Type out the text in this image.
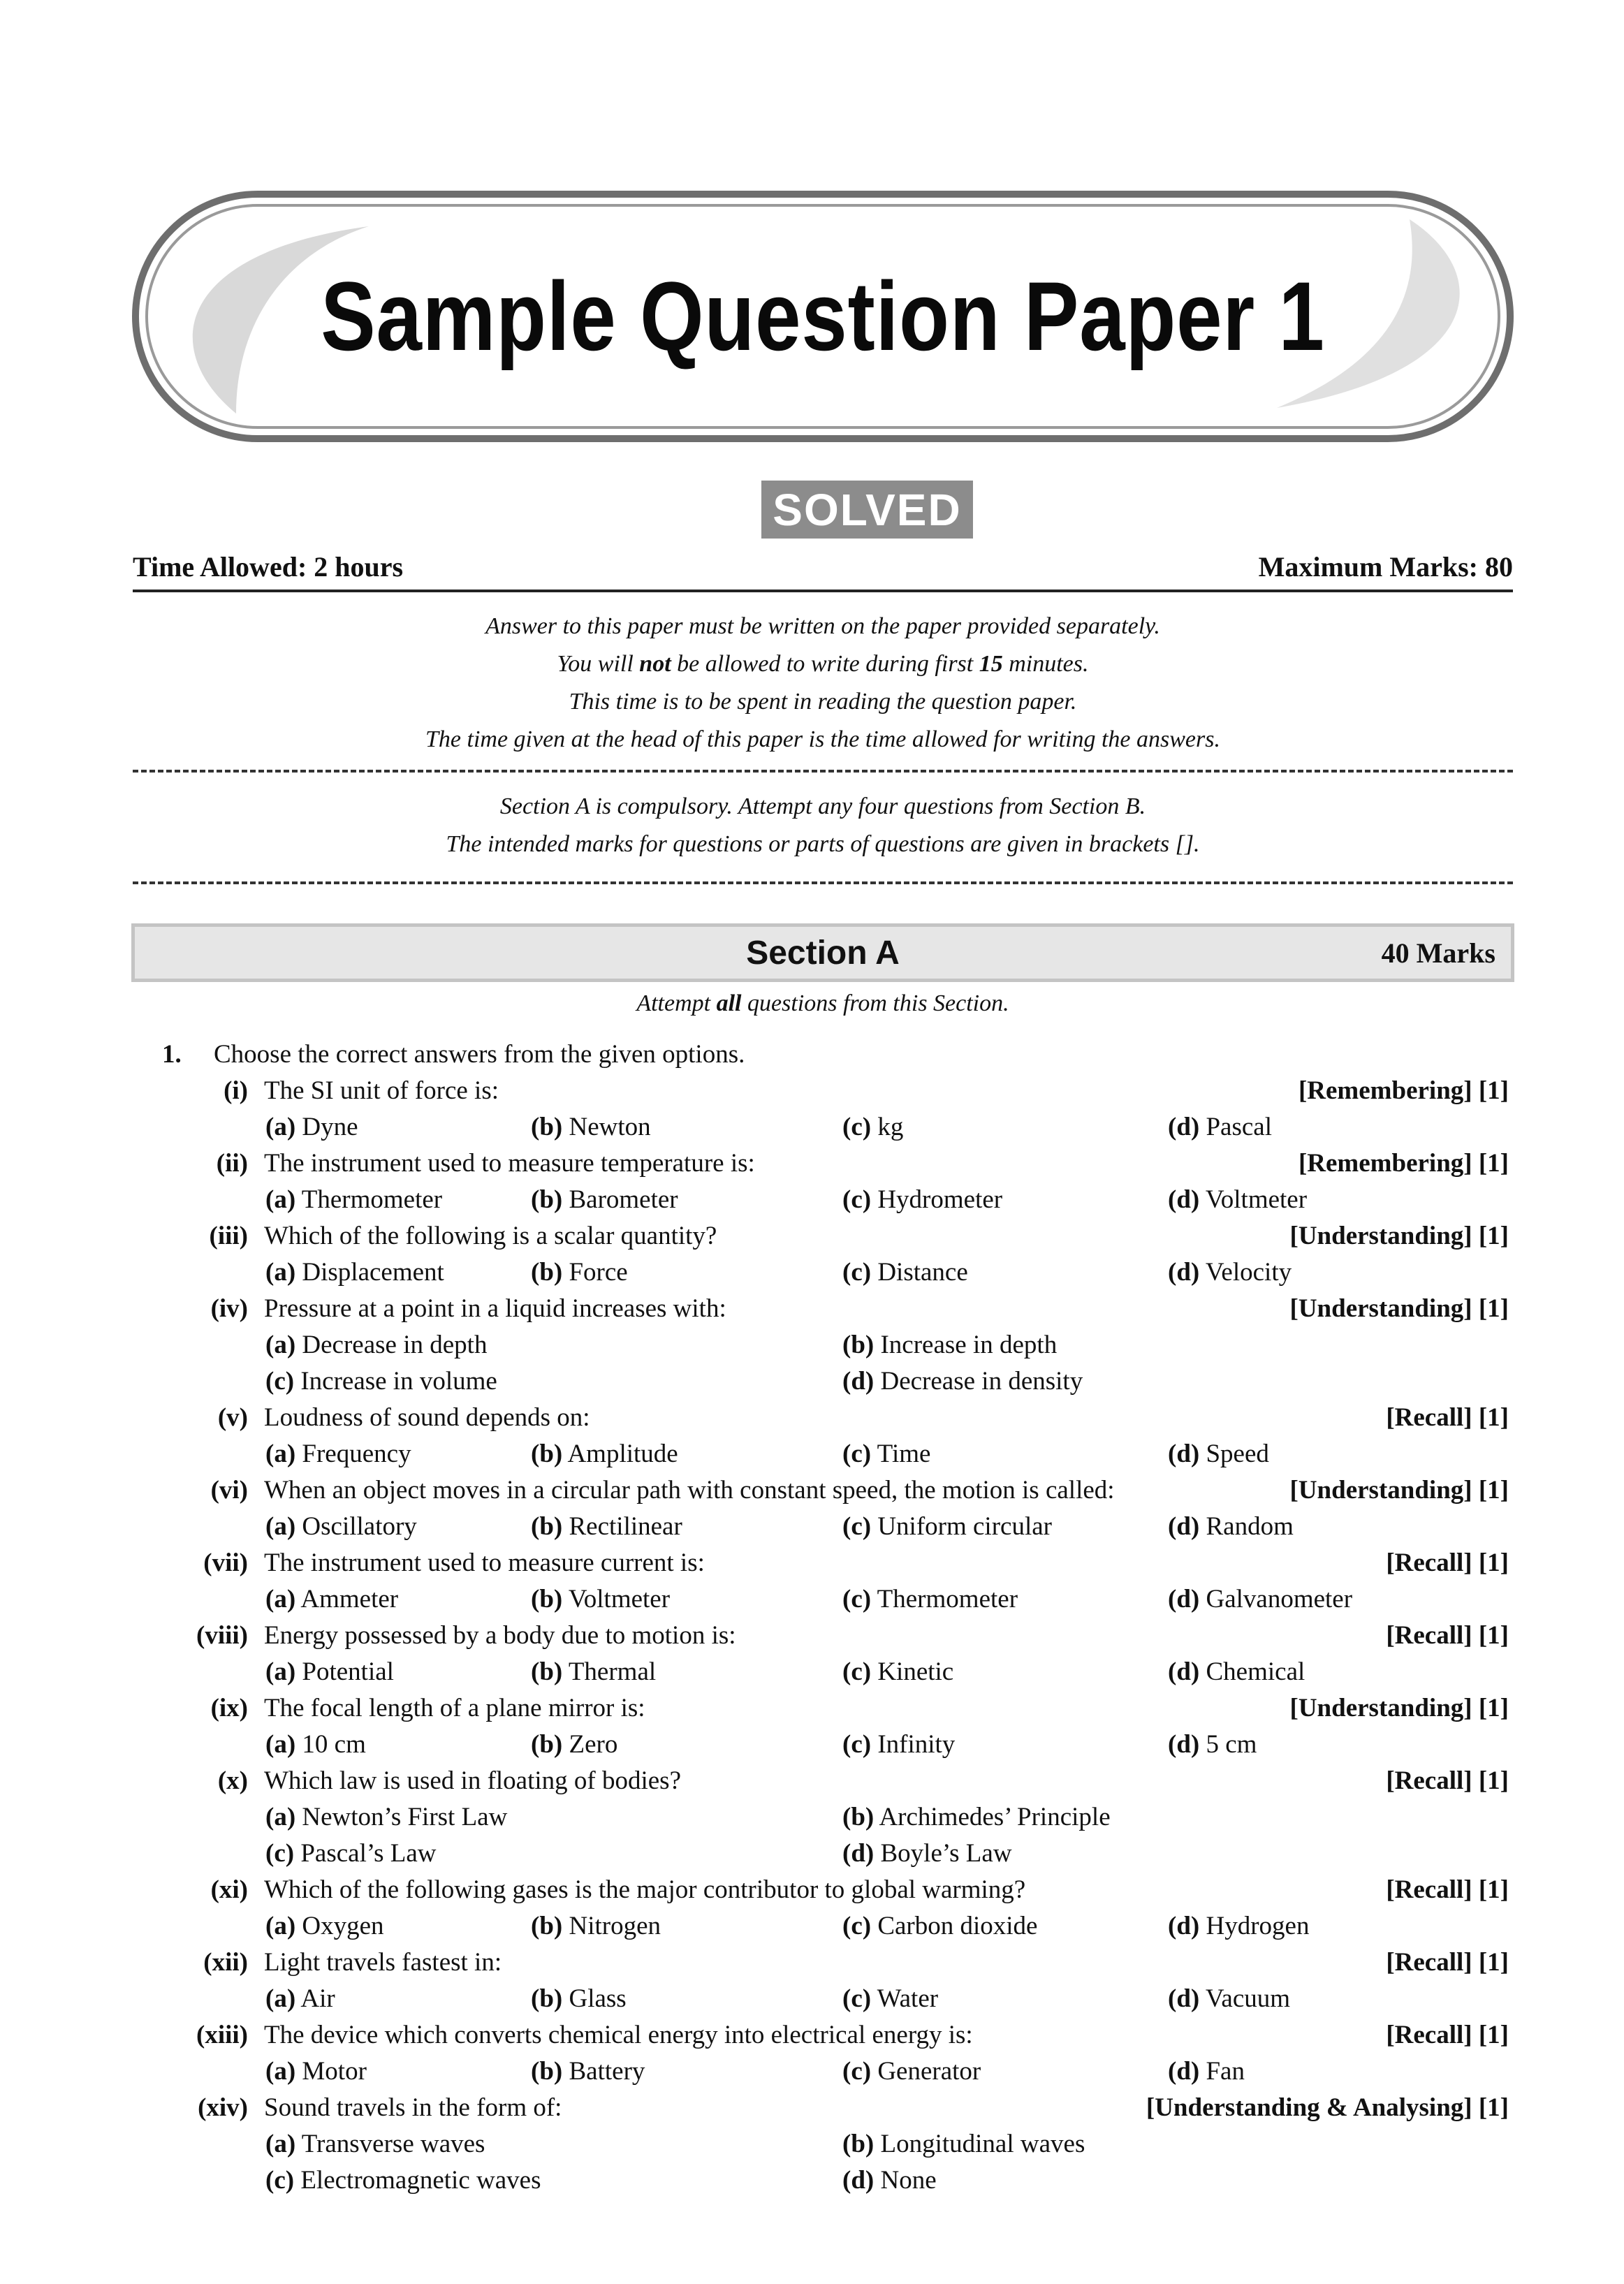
Sample Question Paper 1
SOLVED
Time Allowed: 2 hours	Maximum Marks: 80
Answer to this paper must be written on the paper provided separately.
You will not be allowed to write during first 15 minutes.
This time is to be spent in reading the question paper.
The time given at the head of this paper is the time allowed for writing the answers.
Section A is compulsory. Attempt any four questions from Section B.
The intended marks for questions or parts of questions are given in brackets [].
Section A	40 Marks
Attempt all questions from this Section.
1. Choose the correct answers from the given options.
(i) The SI unit of force is:	[Remembering] [1]
(a) Dyne	(b) Newton	(c) kg	(d) Pascal
(ii) The instrument used to measure temperature is:	[Remembering] [1]
(a) Thermometer	(b) Barometer	(c) Hydrometer	(d) Voltmeter
(iii) Which of the following is a scalar quantity?	[Understanding] [1]
(a) Displacement	(b) Force	(c) Distance	(d) Velocity
(iv) Pressure at a point in a liquid increases with:	[Understanding] [1]
(a) Decrease in depth	(b) Increase in depth
(c) Increase in volume	(d) Decrease in density
(v) Loudness of sound depends on:	[Recall] [1]
(a) Frequency	(b) Amplitude	(c) Time	(d) Speed
(vi) When an object moves in a circular path with constant speed, the motion is called:	[Understanding] [1]
(a) Oscillatory	(b) Rectilinear	(c) Uniform circular	(d) Random
(vii) The instrument used to measure current is:	[Recall] [1]
(a) Ammeter	(b) Voltmeter	(c) Thermometer	(d) Galvanometer
(viii) Energy possessed by a body due to motion is:	[Recall] [1]
(a) Potential	(b) Thermal	(c) Kinetic	(d) Chemical
(ix) The focal length of a plane mirror is:	[Understanding] [1]
(a) 10 cm	(b) Zero	(c) Infinity	(d) 5 cm
(x) Which law is used in floating of bodies?	[Recall] [1]
(a) Newton’s First Law	(b) Archimedes’ Principle
(c) Pascal’s Law	(d) Boyle’s Law
(xi) Which of the following gases is the major contributor to global warming?	[Recall] [1]
(a) Oxygen	(b) Nitrogen	(c) Carbon dioxide	(d) Hydrogen
(xii) Light travels fastest in:	[Recall] [1]
(a) Air	(b) Glass	(c) Water	(d) Vacuum
(xiii) The device which converts chemical energy into electrical energy is:	[Recall] [1]
(a) Motor	(b) Battery	(c) Generator	(d) Fan
(xiv) Sound travels in the form of:	[Understanding & Analysing] [1]
(a) Transverse waves	(b) Longitudinal waves
(c) Electromagnetic waves	(d) None
